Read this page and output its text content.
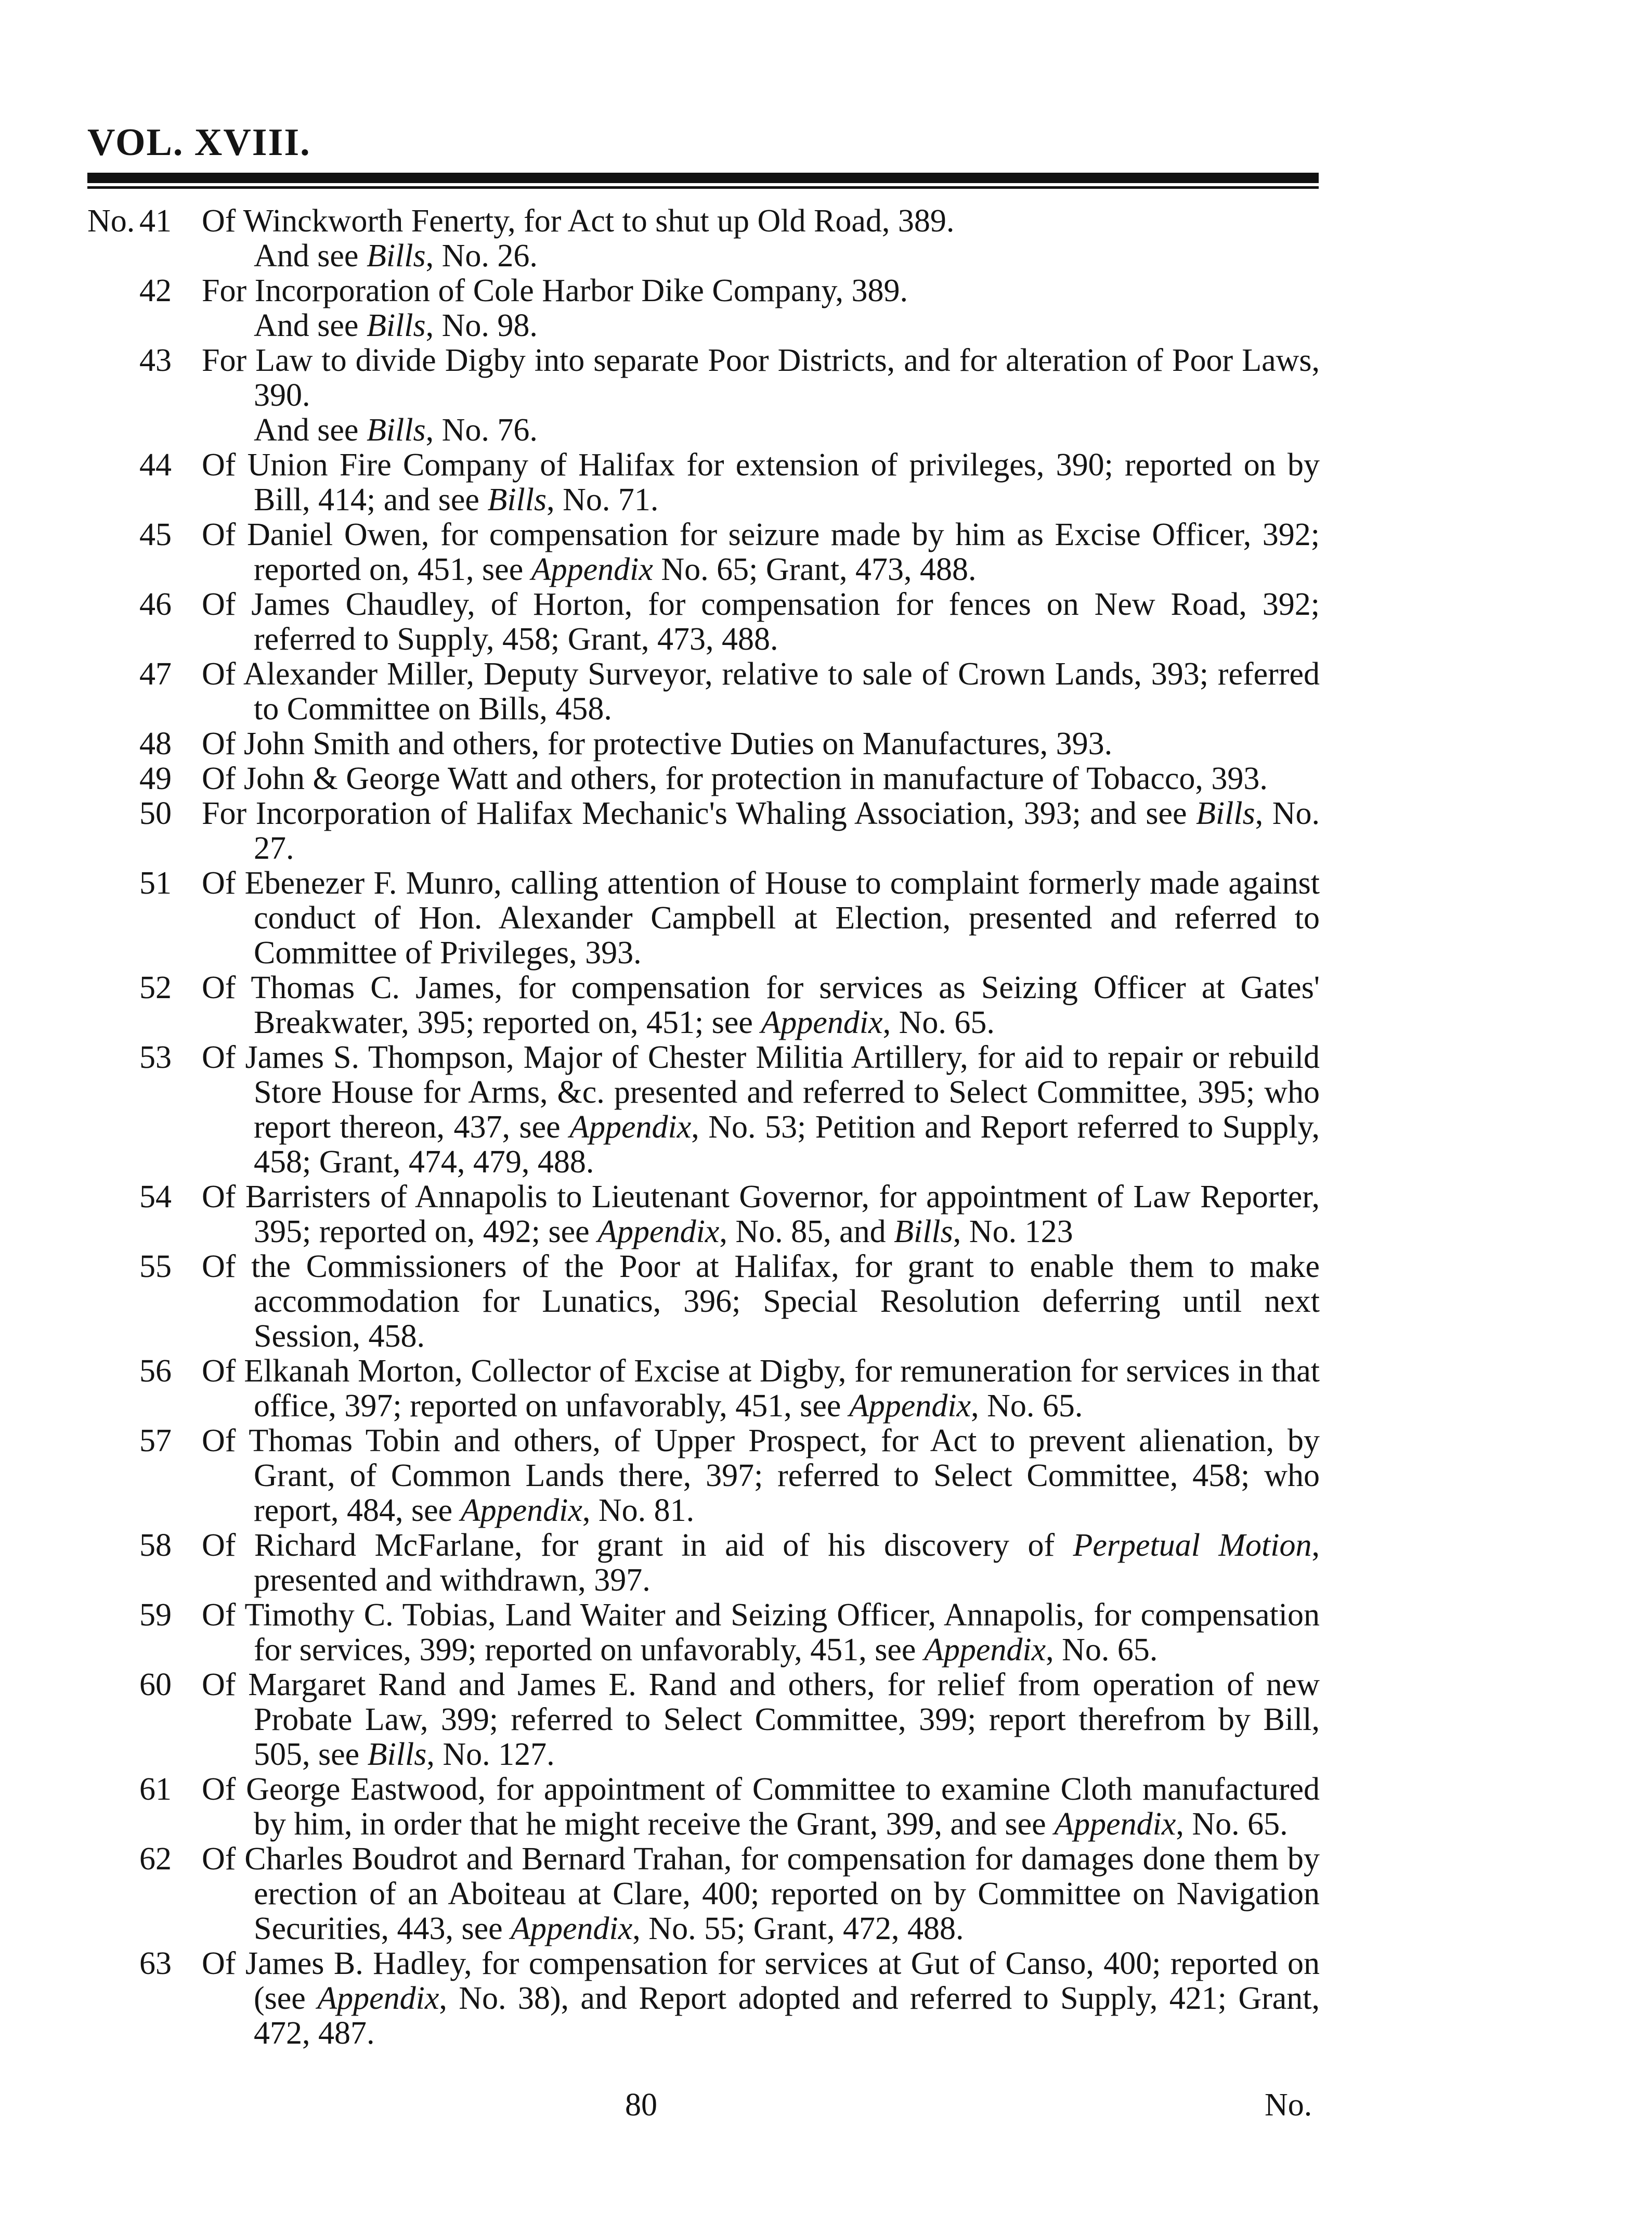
VOL. XVIII.
No. 41 Of Winckworth Fenerty, for Act to shut up Old Road, 389.
And see Bills, No. 26.
42 For Incorporation of Cole Harbor Dike Company, 389.
And see Bills, No. 98.
43 For Law to divide Digby into separate Poor Districts, and for alteration of Poor Laws, 390.
And see Bills, No. 76.
44 Of Union Fire Company of Halifax for extension of privileges, 390; reported on by Bill, 414; and see Bills, No. 71.
45 Of Daniel Owen, for compensation for seizure made by him as Excise Officer, 392; reported on, 451, see Appendix No. 65; Grant, 473, 488.
46 Of James Chaudley, of Horton, for compensation for fences on New Road, 392; referred to Supply, 458; Grant, 473, 488.
47 Of Alexander Miller, Deputy Surveyor, relative to sale of Crown Lands, 393; referred to Committee on Bills, 458.
48 Of John Smith and others, for protective Duties on Manufactures, 393.
49 Of John & George Watt and others, for protection in manufacture of Tobacco, 393.
50 For Incorporation of Halifax Mechanic's Whaling Association, 393; and see Bills, No. 27.
51 Of Ebenezer F. Munro, calling attention of House to complaint formerly made against conduct of Hon. Alexander Campbell at Election, presented and referred to Committee of Privileges, 393.
52 Of Thomas C. James, for compensation for services as Seizing Officer at Gates' Breakwater, 395; reported on, 451; see Appendix, No. 65.
53 Of James S. Thompson, Major of Chester Militia Artillery, for aid to repair or rebuild Store House for Arms, &c. presented and referred to Select Committee, 395; who report thereon, 437, see Appendix, No. 53; Petition and Report referred to Supply, 458; Grant, 474, 479, 488.
54 Of Barristers of Annapolis to Lieutenant Governor, for appointment of Law Reporter, 395; reported on, 492; see Appendix, No. 85, and Bills, No. 123
55 Of the Commissioners of the Poor at Halifax, for grant to enable them to make accommodation for Lunatics, 396; Special Resolution deferring until next Session, 458.
56 Of Elkanah Morton, Collector of Excise at Digby, for remuneration for services in that office, 397; reported on unfavorably, 451, see Appendix, No. 65.
57 Of Thomas Tobin and others, of Upper Prospect, for Act to prevent alienation, by Grant, of Common Lands there, 397; referred to Select Committee, 458; who report, 484, see Appendix, No. 81.
58 Of Richard McFarlane, for grant in aid of his discovery of Perpetual Motion, presented and withdrawn, 397.
59 Of Timothy C. Tobias, Land Waiter and Seizing Officer, Annapolis, for compensation for services, 399; reported on unfavorably, 451, see Appendix, No. 65.
60 Of Margaret Rand and James E. Rand and others, for relief from operation of new Probate Law, 399; referred to Select Committee, 399; report therefrom by Bill, 505, see Bills, No. 127.
61 Of George Eastwood, for appointment of Committee to examine Cloth manufactured by him, in order that he might receive the Grant, 399, and see Appendix, No. 65.
62 Of Charles Boudrot and Bernard Trahan, for compensation for damages done them by erection of an Aboiteau at Clare, 400; reported on by Committee on Navigation Securities, 443, see Appendix, No. 55; Grant, 472, 488.
63 Of James B. Hadley, for compensation for services at Gut of Canso, 400; reported on (see Appendix, No. 38), and Report adopted and referred to Supply, 421; Grant, 472, 487.
80	No.
